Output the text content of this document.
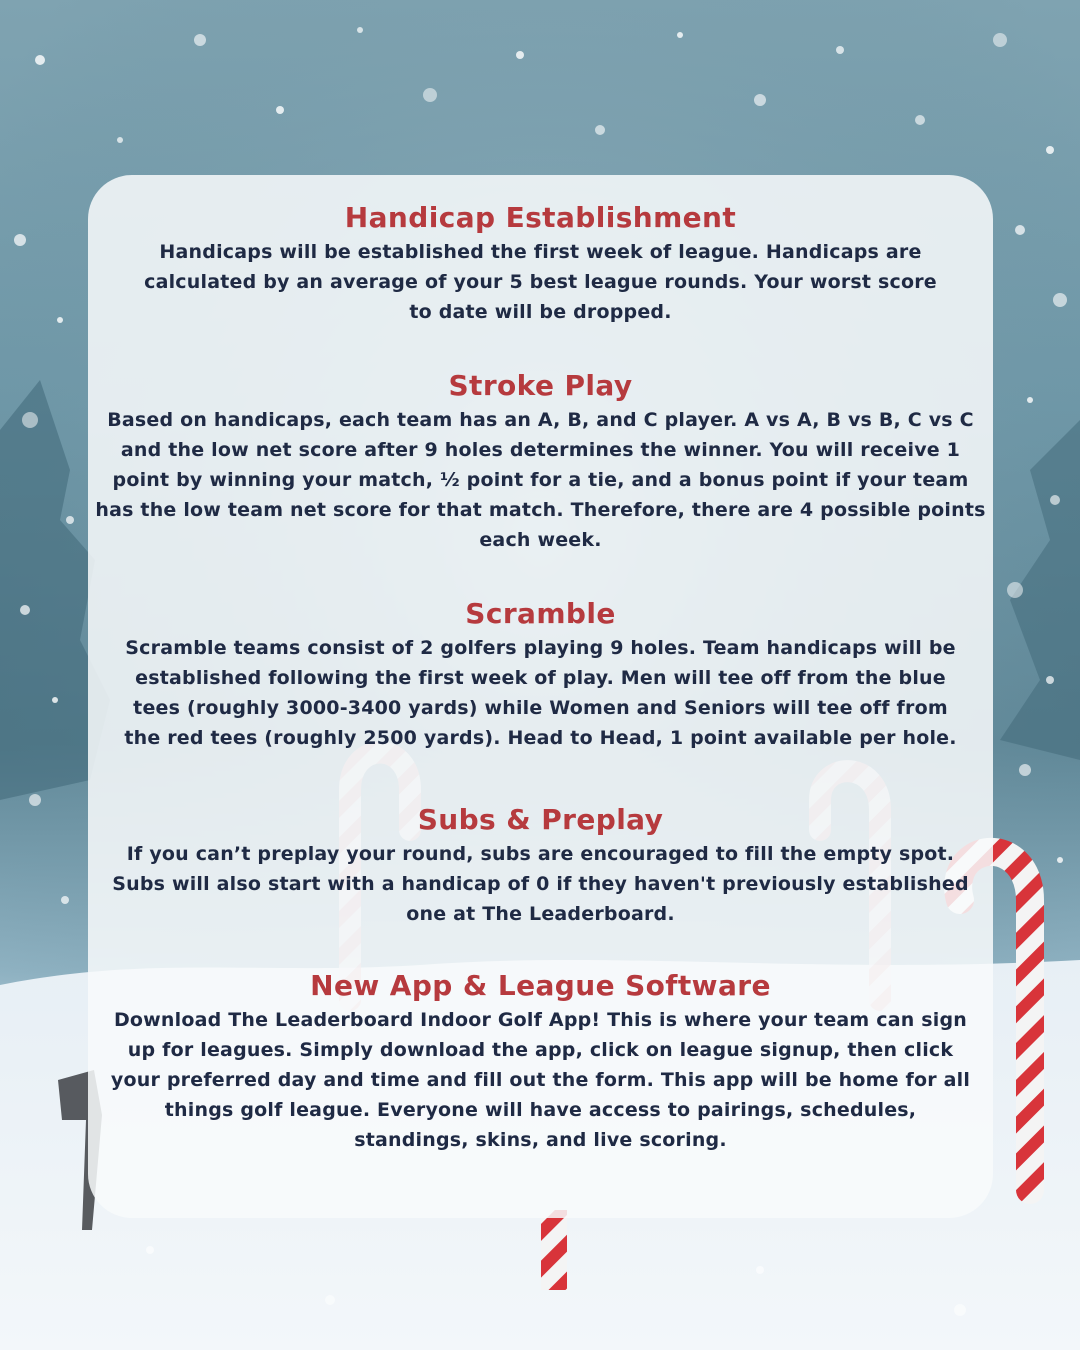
Handicap Establishment

Handicaps will be established the first week of league. Handicaps are calculated by an average of your 5 best league rounds. Your worst score to date will be dropped.

Stroke Play

Based on handicaps, each team has an A, B, and C player. A vs A, B vs B, C vs C and the low net score after 9 holes determines the winner. You will receive 1 point by winning your match, ½ point for a tie, and a bonus point if your team has the low team net score for that match. Therefore, there are 4 possible points each week.

Scramble

Scramble teams consist of 2 golfers playing 9 holes. Team handicaps will be established following the first week of play. Men will tee off from the blue tees (roughly 3000-3400 yards) while Women and Seniors will tee off from the red tees (roughly 2500 yards). Head to Head, 1 point available per hole.

Subs & Preplay

If you can’t preplay your round, subs are encouraged to fill the empty spot. Subs will also start with a handicap of 0 if they haven't previously established one at The Leaderboard.

New App & League Software

Download The Leaderboard Indoor Golf App! This is where your team can sign up for leagues. Simply download the app, click on league signup, then click your preferred day and time and fill out the form. This app will be home for all things golf league. Everyone will have access to pairings, schedules, standings, skins, and live scoring.
